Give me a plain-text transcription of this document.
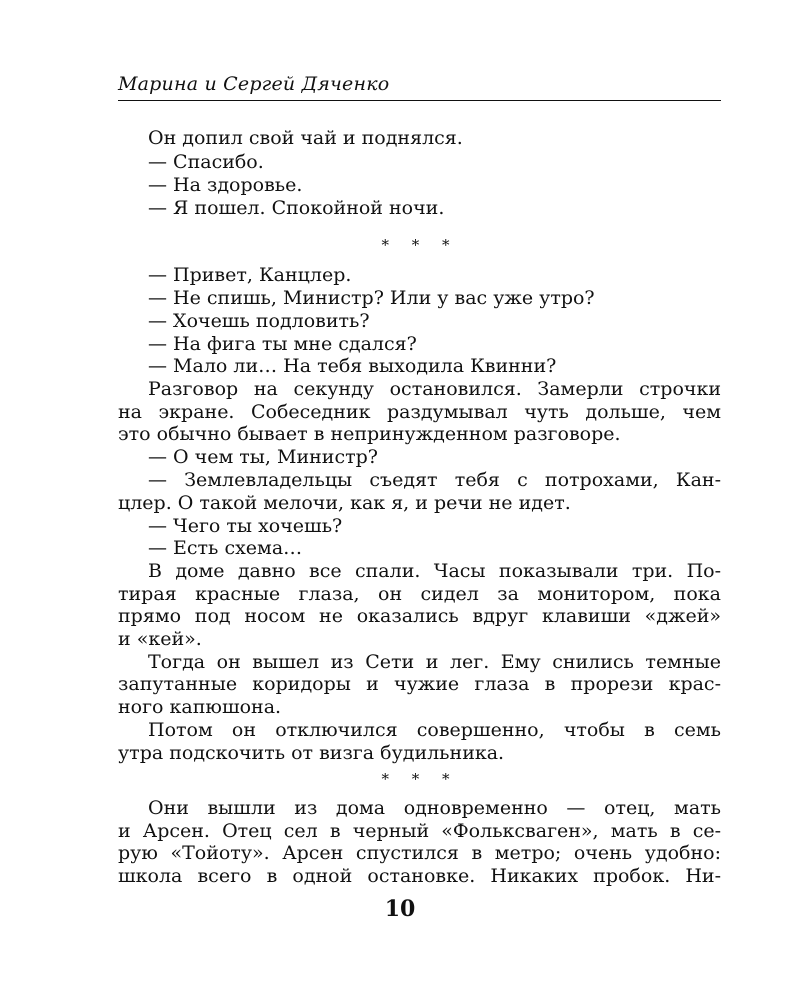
Марина и Сергей Дяченко
Он допил свой чай и поднялся.
— Спасибо.
— На здоровье.
— Я пошел. Спокойной ночи.
* * *
— Привет, Канцлер.
— Не спишь, Министр? Или у вас уже утро?
— Хочешь подловить?
— На фига ты мне сдался?
— Мало ли… На тебя выходила Квинни?
Разговор на секунду остановился. Замерли строчки
на экране. Собеседник раздумывал чуть дольше, чем
это обычно бывает в непринужденном разговоре.
— О чем ты, Министр?
— Землевладельцы съедят тебя с потрохами, Кан-
цлер. О такой мелочи, как я, и речи не идет.
— Чего ты хочешь?
— Есть схема…
В доме давно все спали. Часы показывали три. По-
тирая красные глаза, он сидел за монитором, пока
прямо под носом не оказались вдруг клавиши «джей»
и «кей».
Тогда он вышел из Сети и лег. Ему снились темные
запутанные коридоры и чужие глаза в прорези крас-
ного капюшона.
Потом он отключился совершенно, чтобы в семь
утра подскочить от визга будильника.
* * *
Они вышли из дома одновременно — отец, мать
и Арсен. Отец сел в черный «Фольксваген», мать в се-
рую «Тойоту». Арсен спустился в метро; очень удобно:
школа всего в одной остановке. Никаких пробок. Ни-
10
